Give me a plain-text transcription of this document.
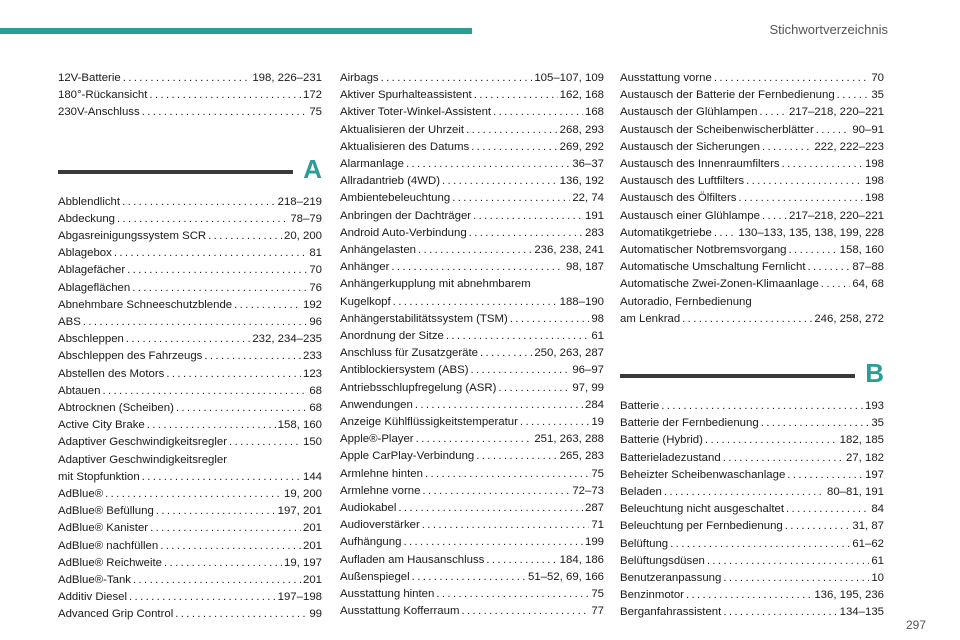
Stichwortverzeichnis
12V-Batterie . . .	198, 226–231
180°-Rückansicht . . .	172
230V-Anschluss . . .	75
A
Abblendlicht . . .	218–219
Abdeckung . . .	78–79
Abgasreinigungssystem SCR . . .	20, 200
Ablagebox . . .	81
Ablagefächer . . .	70
Ablageflächen . . .	76
Abnehmbare Schneeschutzblende . . .	192
ABS . . .	96
Abschleppen . . .	232, 234–235
Abschleppen des Fahrzeugs . . .	233
Abstellen des Motors . . .	123
Abtauen . . .	68
Abtrocknen (Scheiben) . . .	68
Active City Brake . . .	158, 160
Adaptiver Geschwindigkeitsregler . . .	150
Adaptiver Geschwindigkeitsregler
mit Stopfunktion . . .	144
AdBlue® . . .	19, 200
AdBlue® Befüllung . . .	197, 201
AdBlue® Kanister . . .	201
AdBlue® nachfüllen . . .	201
AdBlue® Reichweite . . .	19, 197
AdBlue®-Tank . . .	201
Additiv Diesel . . .	197–198
Advanced Grip Control . . .	99
Airbags . . .	105–107, 109
Aktiver Spurhalteassistent . . .	162, 168
Aktiver Toter-Winkel-Assistent . . .	168
Aktualisieren der Uhrzeit . . .	268, 293
Aktualisieren des Datums . . .	269, 292
Alarmanlage . . .	36–37
Allradantrieb (4WD) . . .	136, 192
Ambientebeleuchtung . . .	22, 74
Anbringen der Dachträger . . .	191
Android Auto-Verbindung . . .	283
Anhängelasten . . .	236, 238, 241
Anhänger . . .	98, 187
Anhängerkupplung mit abnehmbarem
Kugelkopf . . .	188–190
Anhängerstabilitätssystem (TSM) . . .	98
Anordnung der Sitze . . .	61
Anschluss für Zusatzgeräte . . .	250, 263, 287
Antiblockiersystem (ABS) . . .	96–97
Antriebsschlupfregelung (ASR) . . .	97, 99
Anwendungen . . .	284
Anzeige Kühlflüssigkeitstemperatur . . .	19
Apple®-Player . . .	251, 263, 288
Apple CarPlay-Verbindung . . .	265, 283
Armlehne hinten . . .	75
Armlehne vorne . . .	72–73
Audiokabel . . .	287
Audioverstärker . . .	71
Aufhängung . . .	199
Aufladen am Hausanschluss . . .	184, 186
Außenspiegel . . .	51–52, 69, 166
Ausstattung hinten . . .	75
Ausstattung Kofferraum . . .	77
Ausstattung vorne . . .	70
Austausch der Batterie der Fernbedienung . . .	35
Austausch der Glühlampen . . .	217–218, 220–221
Austausch der Scheibenwischerblätter . . .	90–91
Austausch der Sicherungen . . .	222, 222–223
Austausch des Innenraumfilters . . .	198
Austausch des Luftfilters . . .	198
Austausch des Ölfilters . . .	198
Austausch einer Glühlampe . . .	217–218, 220–221
Automatikgetriebe . . . 130–133, 135, 138, 199, 228
Automatischer Notbremsvorgang . . .	158, 160
Automatische Umschaltung Fernlicht . . .	87–88
Automatische Zwei-Zonen-Klimaanlage . . .	64, 68
Autoradio, Fernbedienung
am Lenkrad . . .	246, 258, 272
B
Batterie . . .	193
Batterie der Fernbedienung . . .	35
Batterie (Hybrid) . . .	182, 185
Batterieladezustand . . .	27, 182
Beheizter Scheibenwaschanlage . . .	197
Beladen . . .	80–81, 191
Beleuchtung nicht ausgeschaltet . . .	84
Beleuchtung per Fernbedienung . . .	31, 87
Belüftung . . .	61–62
Belüftungsdüsen . . .	61
Benutzeranpassung . . .	10
Benzinmotor . . .	136, 195, 236
Berganfahrassistent . . .	134–135
297
